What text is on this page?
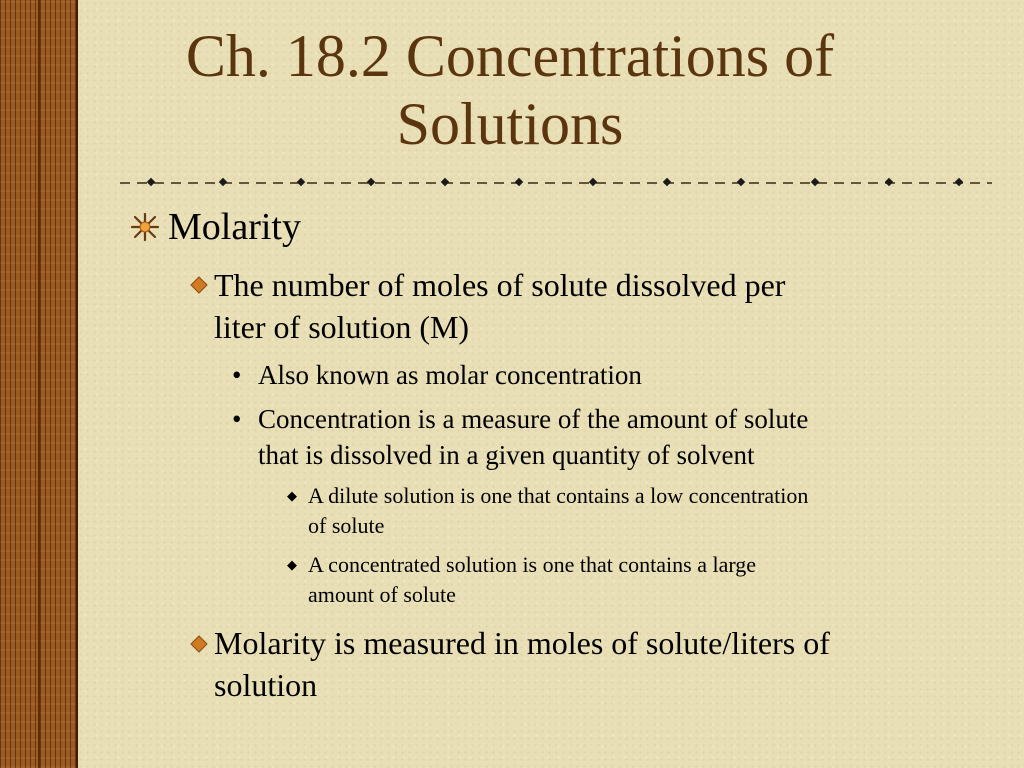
Ch. 18.2 Concentrations of
Solutions
Molarity
The number of moles of solute dissolved per
liter of solution (M)
• Also known as molar concentration
• Concentration is a measure of the amount of solute
that is dissolved in a given quantity of solvent
◆ A dilute solution is one that contains a low concentration
of solute
◆ A concentrated solution is one that contains a large
amount of solute
Molarity is measured in moles of solute/liters of
solution
